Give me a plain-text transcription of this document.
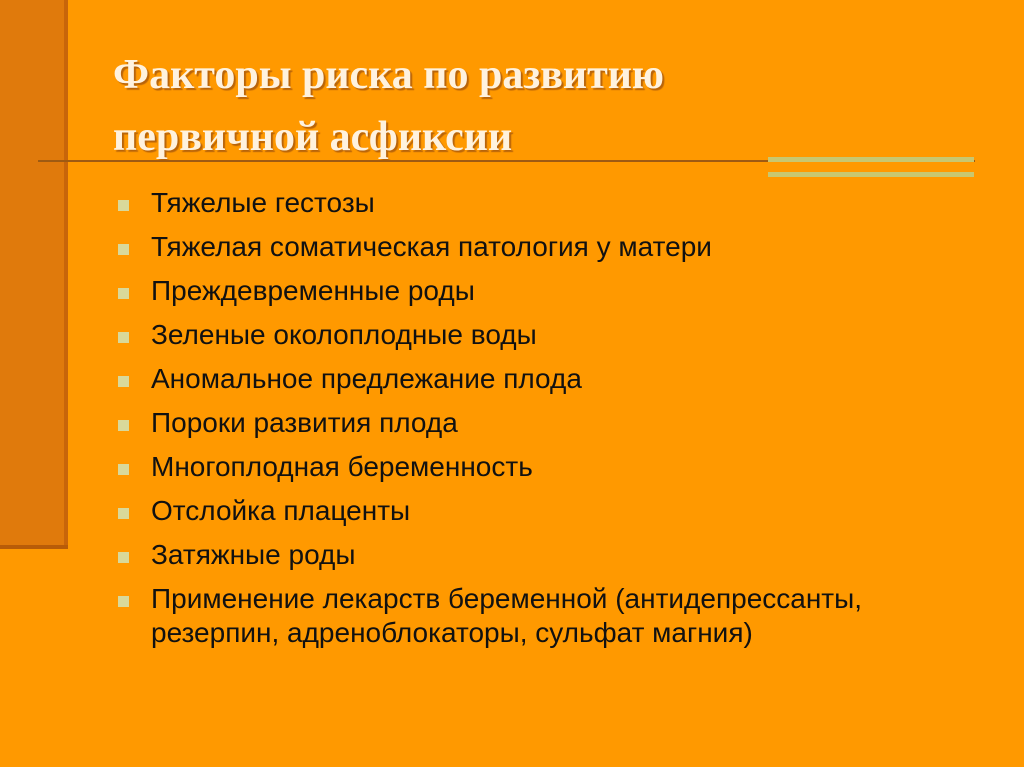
Факторы риска по развитию
первичной асфиксии
Тяжелые гестозы
Тяжелая соматическая патология у матери
Преждевременные роды
Зеленые околоплодные воды
Аномальное предлежание плода
Пороки развития плода
Многоплодная беременность
Отслойка плаценты
Затяжные роды
Применение лекарств беременной (антидепрессанты, резерпин, адреноблокаторы, сульфат магния)
